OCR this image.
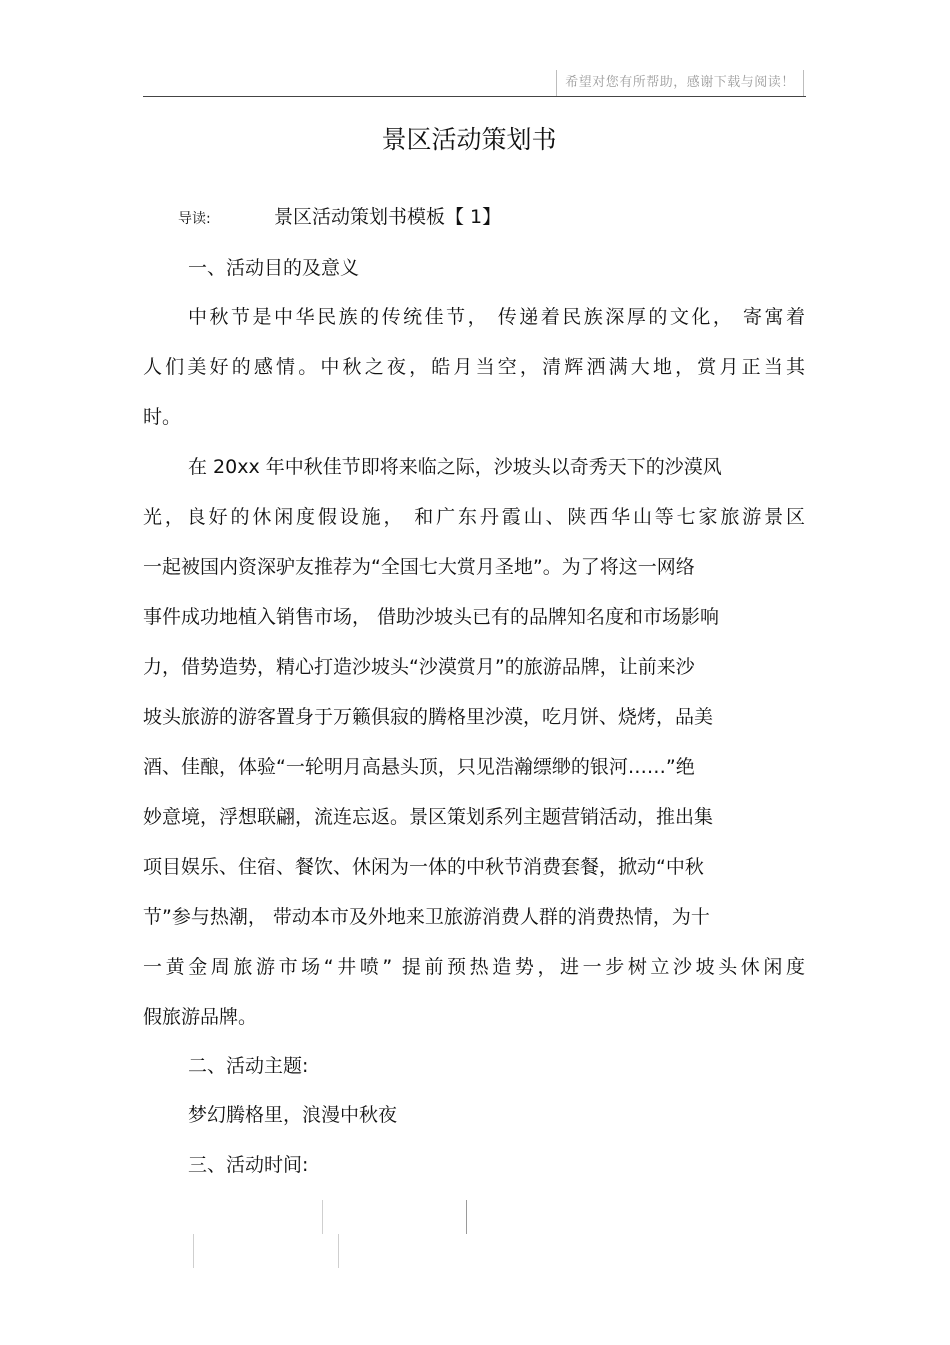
希望对您有所帮助，感谢下载与阅读！
景区活动策划书
导读:	景区活动策划书模板【 1】
一、活动目的及意义
中秋节是中华民族的传统佳节， 传递着民族深厚的文化， 寄寓着
人们美好的感情。中秋之夜，皓月当空，清辉洒满大地，赏月正当其
时。
在 20xx 年中秋佳节即将来临之际，沙坡头以奇秀天下的沙漠风
光，良好的休闲度假设施， 和广东丹霞山、陕西华山等七家旅游景区
一起被国内资深驴友推荐为“全国七大赏月圣地”。为了将这一网络
事件成功地植入销售市场， 借助沙坡头已有的品牌知名度和市场影响
力，借势造势，精心打造沙坡头“沙漠赏月”的旅游品牌，让前来沙
坡头旅游的游客置身于万籁俱寂的腾格里沙漠，吃月饼、烧烤，品美
酒、佳酿，体验“一轮明月高悬头顶，只见浩瀚缥缈的银河……”绝
妙意境，浮想联翩，流连忘返。景区策划系列主题营销活动，推出集
项目娱乐、住宿、餐饮、休闲为一体的中秋节消费套餐，掀动“中秋
节”参与热潮， 带动本市及外地来卫旅游消费人群的消费热情，为十
一黄金周旅游市场“井喷” 提前预热造势，进一步树立沙坡头休闲度
假旅游品牌。
二、活动主题:
梦幻腾格里，浪漫中秋夜
三、活动时间:
